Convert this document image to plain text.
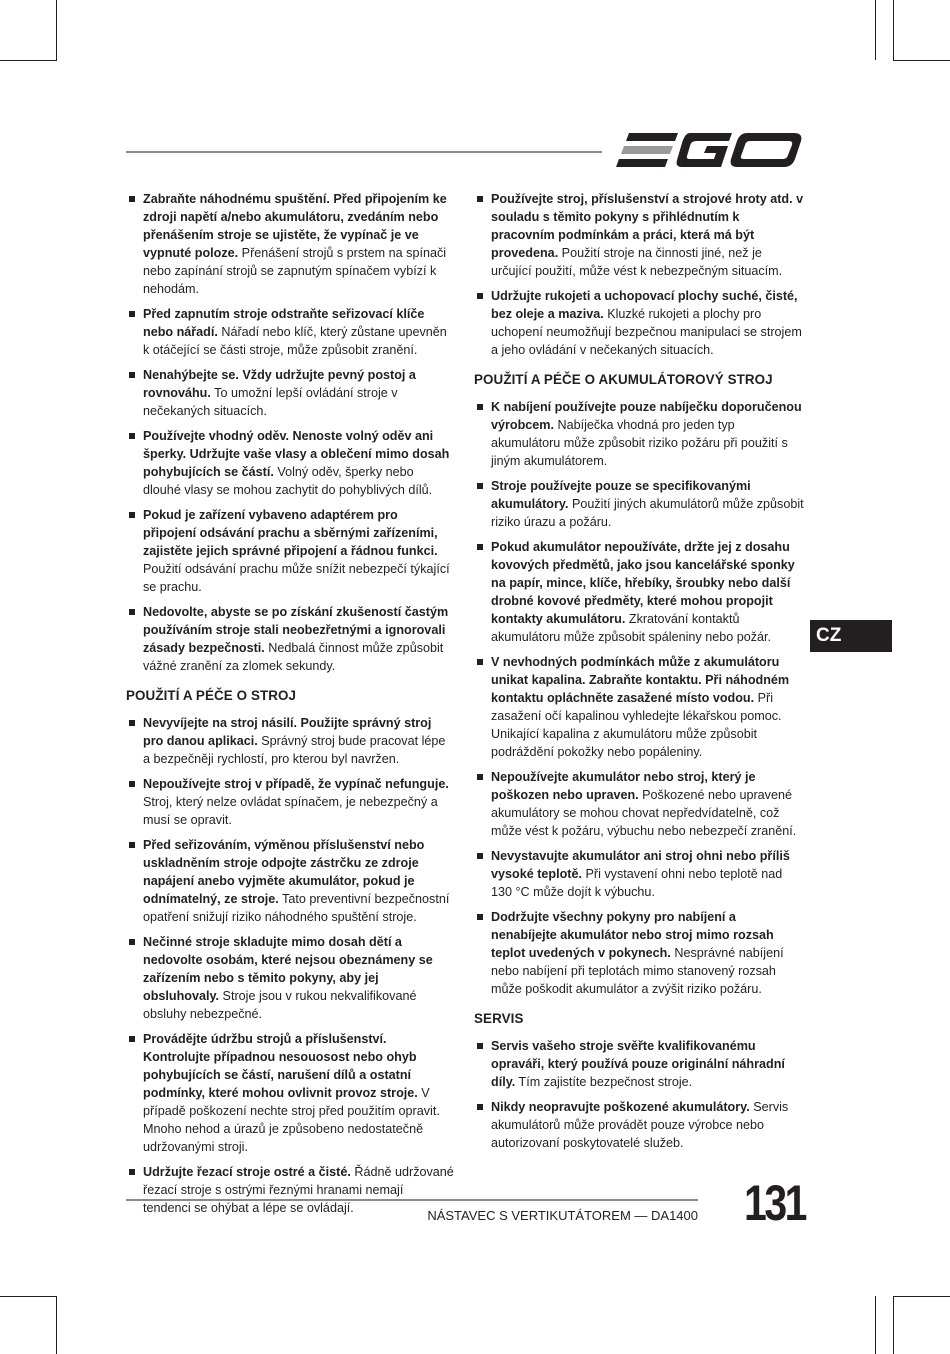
Zabraňte náhodnému spuštění. Před připojením ke zdroji napětí a/nebo akumulátoru, zvedáním nebo přenášením stroje se ujistěte, že vypínač je ve vypnuté poloze. Přenášení strojů s prstem na spínači nebo zapínání strojů se zapnutým spínačem vybízí k nehodám.
Před zapnutím stroje odstraňte seřizovací klíče nebo nářadí. Nářadí nebo klíč, který zůstane upevněn k otáčející se části stroje, může způsobit zranění.
Nenahýbejte se. Vždy udržujte pevný postoj a rovnováhu. To umožní lepší ovládání stroje v nečekaných situacích.
Používejte vhodný oděv. Nenoste volný oděv ani šperky. Udržujte vaše vlasy a oblečení mimo dosah pohybujících se částí. Volný oděv, šperky nebo dlouhé vlasy se mohou zachytit do pohyblivých dílů.
Pokud je zařízení vybaveno adaptérem pro připojení odsávání prachu a sběrnými zařízeními, zajistěte jejich správné připojení a řádnou funkci. Použití odsávání prachu může snížit nebezpečí týkající se prachu.
Nedovolte, abyste se po získání zkušeností častým používáním stroje stali neobezřetnými a ignorovali zásady bezpečnosti. Nedbalá činnost může způsobit vážné zranění za zlomek sekundy.
POUŽITÍ A PÉČE O STROJ
Nevyvíjejte na stroj násilí. Použijte správný stroj pro danou aplikaci. Správný stroj bude pracovat lépe a bezpečněji rychlostí, pro kterou byl navržen.
Nepoužívejte stroj v případě, že vypínač nefunguje. Stroj, který nelze ovládat spínačem, je nebezpečný a musí se opravit.
Před seřizováním, výměnou příslušenství nebo uskladněním stroje odpojte zástrčku ze zdroje napájení anebo vyjměte akumulátor, pokud je odnímatelný, ze stroje. Tato preventivní bezpečnostní opatření snižují riziko náhodného spuštění stroje.
Nečinné stroje skladujte mimo dosah dětí a nedovolte osobám, které nejsou obeznámeny se zařízením nebo s těmito pokyny, aby jej obsluhovaly. Stroje jsou v rukou nekvalifikované obsluhy nebezpečné.
Provádějte údržbu strojů a příslušenství. Kontrolujte případnou nesouosost nebo ohyb pohybujících se částí, narušení dílů a ostatní podmínky, které mohou ovlivnit provoz stroje. V případě poškození nechte stroj před použitím opravit. Mnoho nehod a úrazů je způsobeno nedostatečně udržovanými stroji.
Udržujte řezací stroje ostré a čisté. Řádně udržované řezací stroje s ostrými řeznými hranami nemají tendenci se ohýbat a lépe se ovládají.
Používejte stroj, příslušenství a strojové hroty atd. v souladu s těmito pokyny s přihlédnutím k pracovním podmínkám a práci, která má být provedena. Použití stroje na činnosti jiné, než je určující použití, může vést k nebezpečným situacím.
Udržujte rukojeti a uchopovací plochy suché, čisté, bez oleje a maziva. Kluzké rukojeti a plochy pro uchopení neumožňují bezpečnou manipulaci se strojem a jeho ovládání v nečekaných situacích.
POUŽITÍ A PÉČE O AKUMULÁTOROVÝ STROJ
K nabíjení používejte pouze nabíječku doporučenou výrobcem. Nabíječka vhodná pro jeden typ akumulátoru může způsobit riziko požáru při použití s jiným akumulátorem.
Stroje používejte pouze se specifikovanými akumulátory. Použití jiných akumulátorů může způsobit riziko úrazu a požáru.
Pokud akumulátor nepoužíváte, držte jej z dosahu kovových předmětů, jako jsou kancelářské sponky na papír, mince, klíče, hřebíky, šroubky nebo další drobné kovové předměty, které mohou propojit kontakty akumulátoru. Zkratování kontaktů akumulátoru může způsobit spáleniny nebo požár.
V nevhodných podmínkách může z akumulátoru unikat kapalina. Zabraňte kontaktu. Při náhodném kontaktu opláchněte zasažené místo vodou. Při zasažení očí kapalinou vyhledejte lékařskou pomoc. Unikající kapalina z akumulátoru může způsobit podráždění pokožky nebo popáleniny.
Nepoužívejte akumulátor nebo stroj, který je poškozen nebo upraven. Poškozené nebo upravené akumulátory se mohou chovat nepředvídatelně, což může vést k požáru, výbuchu nebo nebezpečí zranění.
Nevystavujte akumulátor ani stroj ohni nebo příliš vysoké teplotě. Při vystavení ohni nebo teplotě nad 130 °C může dojít k výbuchu.
Dodržujte všechny pokyny pro nabíjení a nenabíjejte akumulátor nebo stroj mimo rozsah teplot uvedených v pokynech. Nesprávné nabíjení nebo nabíjení při teplotách mimo stanovený rozsah může poškodit akumulátor a zvýšit riziko požáru.
SERVIS
Servis vašeho stroje svěřte kvalifikovanému opraváři, který používá pouze originální náhradní díly. Tím zajistíte bezpečnost stroje.
Nikdy neopravujte poškozené akumulátory. Servis akumulátorů může provádět pouze výrobce nebo autorizovaní poskytovatelé služeb.
CZ
NÁSTAVEC S VERTIKUTÁTOREM — DA1400 131
